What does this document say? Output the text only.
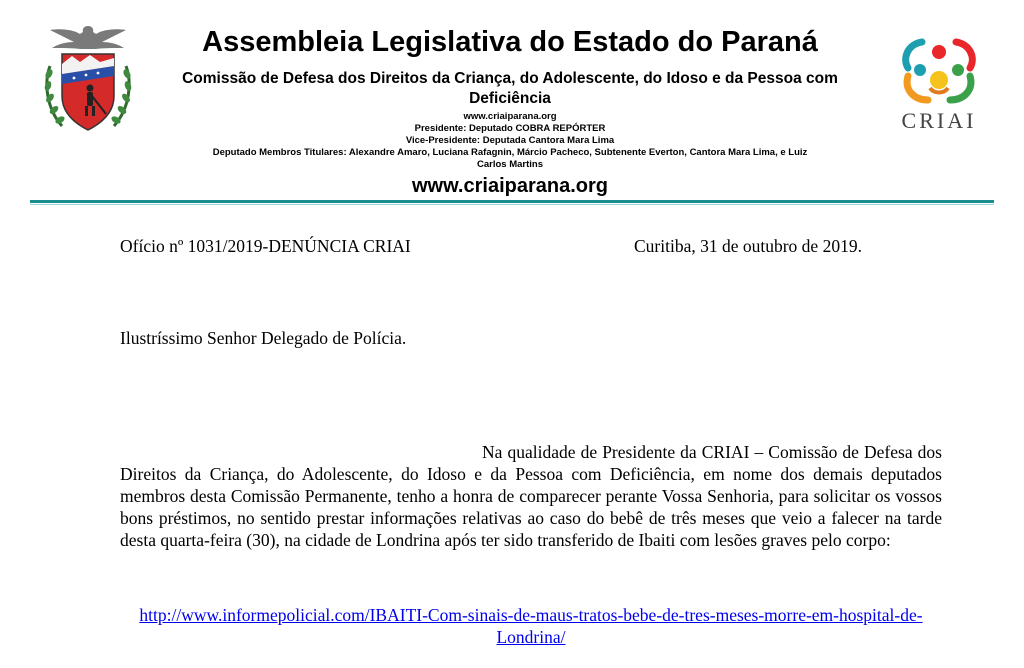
Assembleia Legislativa do Estado do Paraná
Comissão de Defesa dos Direitos da Criança, do Adolescente, do Idoso e da Pessoa com Deficiência
www.criaiparana.org
Presidente: Deputado COBRA REPÓRTER
Vice-Presidente: Deputada Cantora Mara Lima
Deputado Membros Titulares: Alexandre Amaro, Luciana Rafagnin, Márcio Pacheco, Subtenente Everton, Cantora Mara Lima, e Luiz Carlos Martins
www.criaiparana.org
CRIAI
Ofício nº 1031/2019-DENÚNCIA CRIAI	Curitiba, 31 de outubro de 2019.
Ilustríssimo Senhor Delegado de Polícia.

Na qualidade de Presidente da CRIAI – Comissão de Defesa dos Direitos da Criança, do Adolescente, do Idoso e da Pessoa com Deficiência, em nome dos demais deputados membros desta Comissão Permanente, tenho a honra de comparecer perante Vossa Senhoria, para solicitar os vossos bons préstimos, no sentido prestar informações relativas ao caso do bebê de três meses que veio a falecer na tarde desta quarta-feira (30), na cidade de Londrina após ter sido transferido de Ibaiti com lesões graves pelo corpo:

http://www.informepolicial.com/IBAITI-Com-sinais-de-maus-tratos-bebe-de-tres-meses-morre-em-hospital-de-Londrina/
